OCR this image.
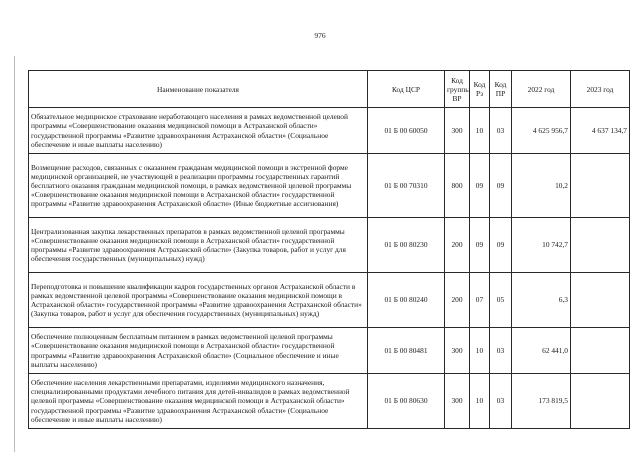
976
Наименование показателя	Код ЦСР	Код группы ВР	Код Рз	Код ПР	2022 год	2023 год
Обязательное медицинское страхование неработающего населения в рамках ведомственной целевой программы «Совершенствование оказания медицинской помощи в Астраханской области» государственной программы «Развитие здравоохранения Астраханской области» (Социальное обеспечение и иные выплаты населению)	01 Б 00 60050	300	10	03	4 625 956,7	4 637 134,7
Возмещение расходов, связанных с оказанием гражданам медицинской помощи в экстренной форме медицинской организацией, не участвующей в реализации программы государственных гарантий бесплатного оказания гражданам медицинской помощи, в рамках ведомственной целевой программы «Совершенствование оказания медицинской помощи в Астраханской области» государственной программы «Развитие здравоохранения Астраханской области» (Иные бюджетные ассигнования)	01 Б 00 70310	800	09	09	10,2	
Централизованная закупка лекарственных препаратов в рамках ведомственной целевой программы «Совершенствование оказания медицинской помощи в Астраханской области» государственной программы «Развитие здравоохранения Астраханской области» (Закупка товаров, работ и услуг для обеспечения государственных (муниципальных) нужд)	01 Б 00 80230	200	09	09	10 742,7	
Переподготовка и повышение квалификации кадров государственных органов Астраханской области в рамках ведомственной целевой программы «Совершенствование оказания медицинской помощи в Астраханской области» государственной программы «Развитие здравоохранения Астраханской области» (Закупка товаров, работ и услуг для обеспечения государственных (муниципальных) нужд)	01 Б 00 80240	200	07	05	6,3	
Обеспечение полноценным бесплатным питанием в рамках ведомственной целевой программы «Совершенствование оказания медицинской помощи в Астраханской области» государственной программы «Развитие здравоохранения Астраханской области» (Социальное обеспечение и иные выплаты населению)	01 Б 00 80481	300	10	03	62 441,0	
Обеспечение населения лекарственными препаратами, изделиями медицинского назначения, специализированными продуктами лечебного питания для детей-инвалидов в рамках ведомственной целевой программы «Совершенствование оказания медицинской помощи в Астраханской области» государственной программы «Развитие здравоохранения Астраханской области» (Социальное обеспечение и иные выплаты населению)	01 Б 00 80630	300	10	03	173 819,5	
